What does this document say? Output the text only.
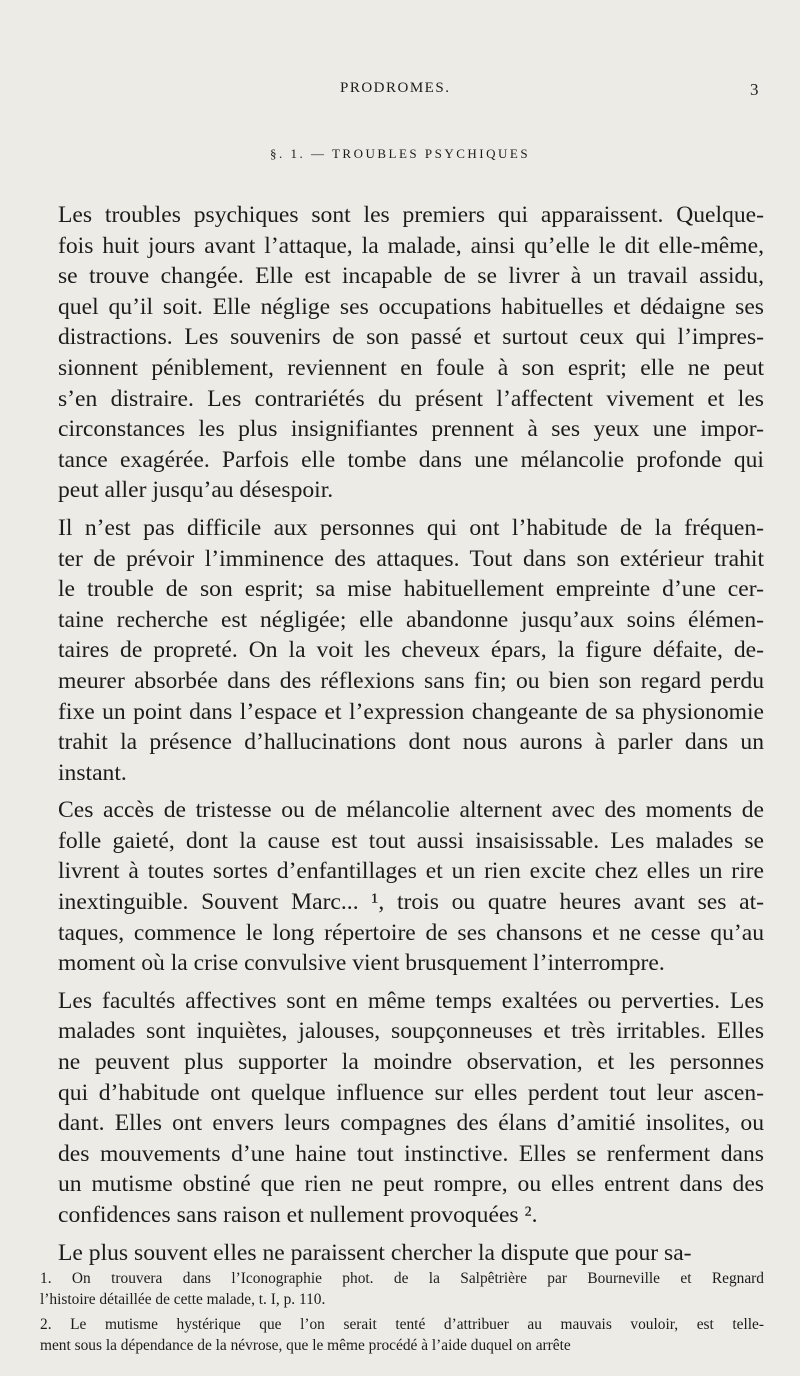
PRODROMES.	3
§. 1. — TROUBLES PSYCHIQUES

Les troubles psychiques sont les premiers qui apparaissent. Quelque-
fois huit jours avant l’attaque, la malade, ainsi qu’elle le dit elle-même,
se trouve changée. Elle est incapable de se livrer à un travail assidu,
quel qu’il soit. Elle néglige ses occupations habituelles et dédaigne ses
distractions. Les souvenirs de son passé et surtout ceux qui l’impres-
sionnent péniblement, reviennent en foule à son esprit; elle ne peut
s’en distraire. Les contrariétés du présent l’affectent vivement et les
circonstances les plus insignifiantes prennent à ses yeux une impor-
tance exagérée. Parfois elle tombe dans une mélancolie profonde qui
peut aller jusqu’au désespoir.

Il n’est pas difficile aux personnes qui ont l’habitude de la fréquen-
ter de prévoir l’imminence des attaques. Tout dans son extérieur trahit
le trouble de son esprit; sa mise habituellement empreinte d’une cer-
taine recherche est négligée; elle abandonne jusqu’aux soins élémen-
taires de propreté. On la voit les cheveux épars, la figure défaite, de-
meurer absorbée dans des réflexions sans fin; ou bien son regard perdu
fixe un point dans l’espace et l’expression changeante de sa physionomie
trahit la présence d’hallucinations dont nous aurons à parler dans un
instant.

Ces accès de tristesse ou de mélancolie alternent avec des moments de
folle gaieté, dont la cause est tout aussi insaisissable. Les malades se
livrent à toutes sortes d’enfantillages et un rien excite chez elles un rire
inextinguible. Souvent Marc... ¹, trois ou quatre heures avant ses at-
taques, commence le long répertoire de ses chansons et ne cesse qu’au
moment où la crise convulsive vient brusquement l’interrompre.

Les facultés affectives sont en même temps exaltées ou perverties. Les
malades sont inquiètes, jalouses, soupçonneuses et très irritables. Elles
ne peuvent plus supporter la moindre observation, et les personnes
qui d’habitude ont quelque influence sur elles perdent tout leur ascen-
dant. Elles ont envers leurs compagnes des élans d’amitié insolites, ou
des mouvements d’une haine tout instinctive. Elles se renferment dans
un mutisme obstiné que rien ne peut rompre, ou elles entrent dans des
confidences sans raison et nullement provoquées ².

Le plus souvent elles ne paraissent chercher la dispute que pour sa-

1. On trouvera dans l’Iconographie phot. de la Salpêtrière par Bourneville et Regnard
l’histoire détaillée de cette malade, t. I, p. 110.

2. Le mutisme hystérique que l’on serait tenté d’attribuer au mauvais vouloir, est telle-
ment sous la dépendance de la névrose, que le même procédé à l’aide duquel on arrête
